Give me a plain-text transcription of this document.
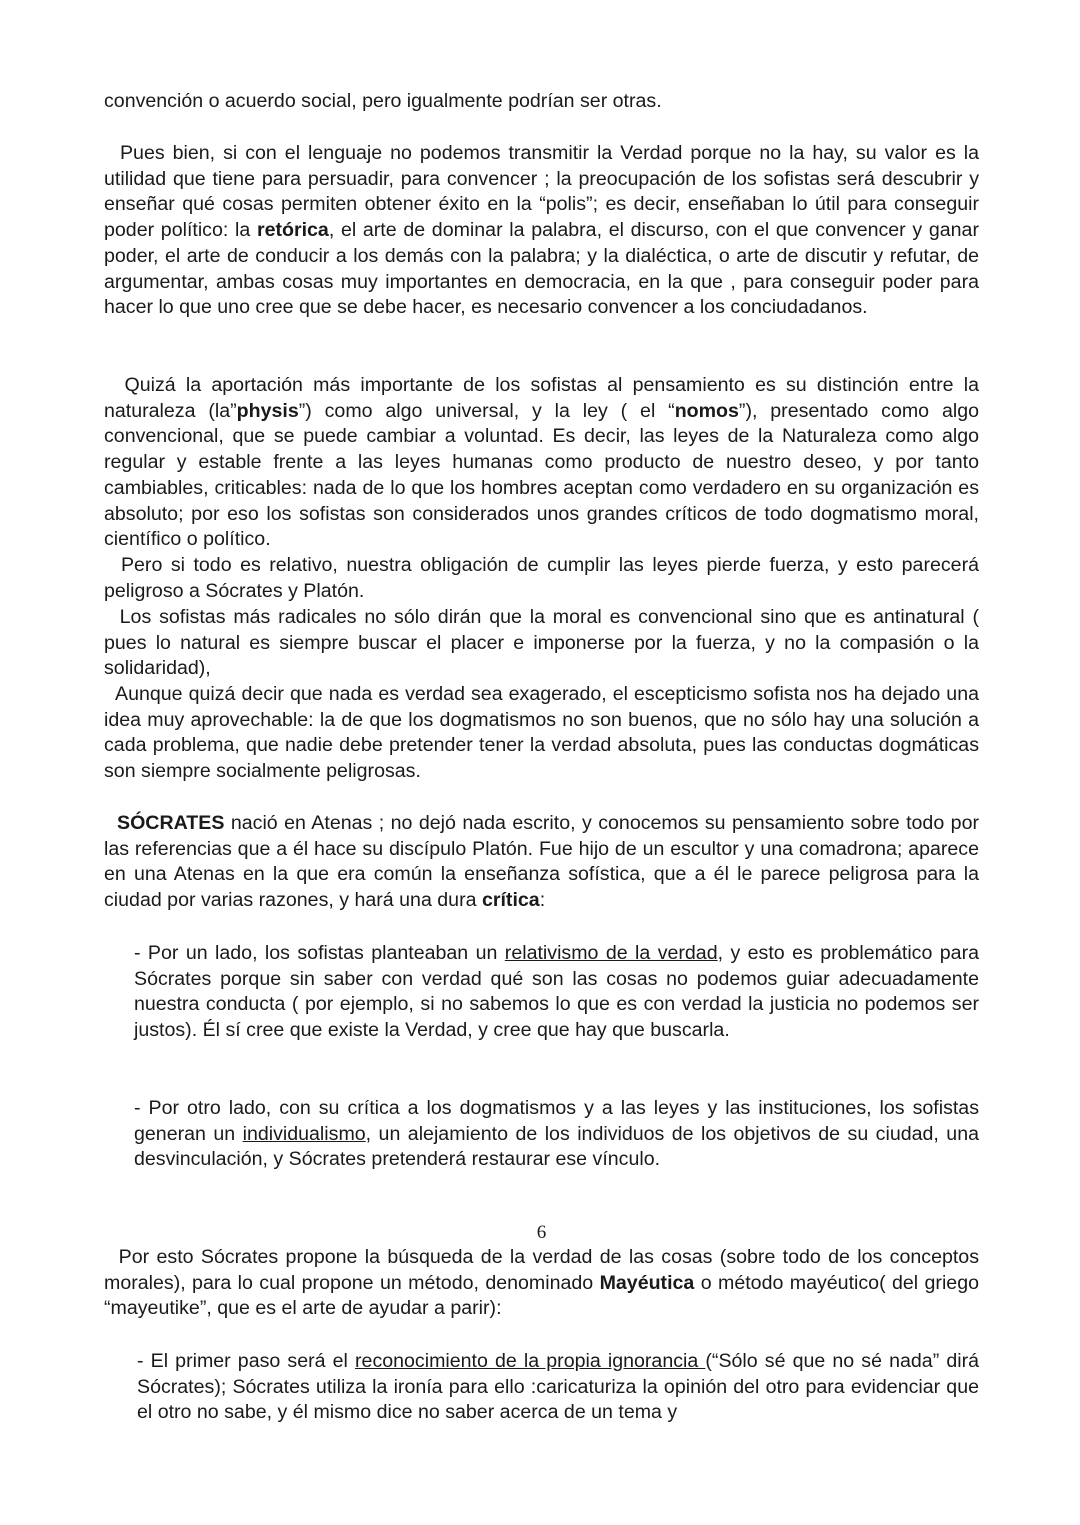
convención o acuerdo social, pero igualmente podrían ser otras.

Pues bien, si con el lenguaje no podemos transmitir la Verdad porque no la hay, su valor es la utilidad que tiene para persuadir, para convencer ; la preocupación de los sofistas será descubrir y enseñar qué cosas permiten obtener éxito en la “polis”; es decir, enseñaban lo útil para conseguir poder político: la retórica, el arte de dominar la palabra, el discurso, con el que convencer y ganar poder, el arte de conducir a los demás con la palabra; y la dialéctica, o arte de discutir y refutar, de argumentar, ambas cosas muy importantes en democracia, en la que , para conseguir poder para hacer lo que uno cree que se debe hacer, es necesario convencer a los conciudadanos.

Quizá la aportación más importante de los sofistas al pensamiento es su distinción entre la naturaleza (la”physis”) como algo universal, y la ley ( el “nomos”), presentado como algo convencional, que se puede cambiar a voluntad. Es decir, las leyes de la Naturaleza como algo regular y estable frente a las leyes humanas como producto de nuestro deseo, y por tanto cambiables, criticables: nada de lo que los hombres aceptan como verdadero en su organización es absoluto; por eso los sofistas son considerados unos grandes críticos de todo dogmatismo moral, científico o político.

Pero si todo es relativo, nuestra obligación de cumplir las leyes pierde fuerza, y esto parecerá peligroso a Sócrates y Platón.

Los sofistas más radicales no sólo dirán que la moral es convencional sino que es antinatural ( pues lo natural es siempre buscar el placer e imponerse por la fuerza, y no la compasión o la solidaridad),

Aunque quizá decir que nada es verdad sea exagerado, el escepticismo sofista nos ha dejado una idea muy aprovechable: la de que los dogmatismos no son buenos, que no sólo hay una solución a cada problema, que nadie debe pretender tener la verdad absoluta, pues las conductas dogmáticas son siempre socialmente peligrosas.

SÓCRATES nació en Atenas ; no dejó nada escrito, y conocemos su pensamiento sobre todo por las referencias que a él hace su discípulo Platón. Fue hijo de un escultor y una comadrona; aparece en una Atenas en la que era común la enseñanza sofística, que a él le parece peligrosa para la ciudad por varias razones, y hará una dura crítica:

- Por un lado, los sofistas planteaban un relativismo de la verdad, y esto es problemático para Sócrates porque sin saber con verdad qué son las cosas no podemos guiar adecuadamente nuestra conducta ( por ejemplo, si no sabemos lo que es con verdad la justicia no podemos ser justos). Él sí cree que existe la Verdad, y cree que hay que buscarla.

- Por otro lado, con su crítica a los dogmatismos y a las leyes y las instituciones, los sofistas generan un individualismo, un alejamiento de los individuos de los objetivos de su ciudad, una desvinculación, y Sócrates pretenderá restaurar ese vínculo.

6

Por esto Sócrates propone la búsqueda de la verdad de las cosas (sobre todo de los conceptos morales), para lo cual propone un método, denominado Mayéutica o método mayéutico( del griego “mayeutike”, que es el arte de ayudar a parir):

- El primer paso será el reconocimiento de la propia ignorancia (“Sólo sé que no sé nada” dirá Sócrates); Sócrates utiliza la ironía para ello :caricaturiza la opinión del otro para evidenciar que el otro no sabe, y él mismo dice no saber acerca de un tema y
